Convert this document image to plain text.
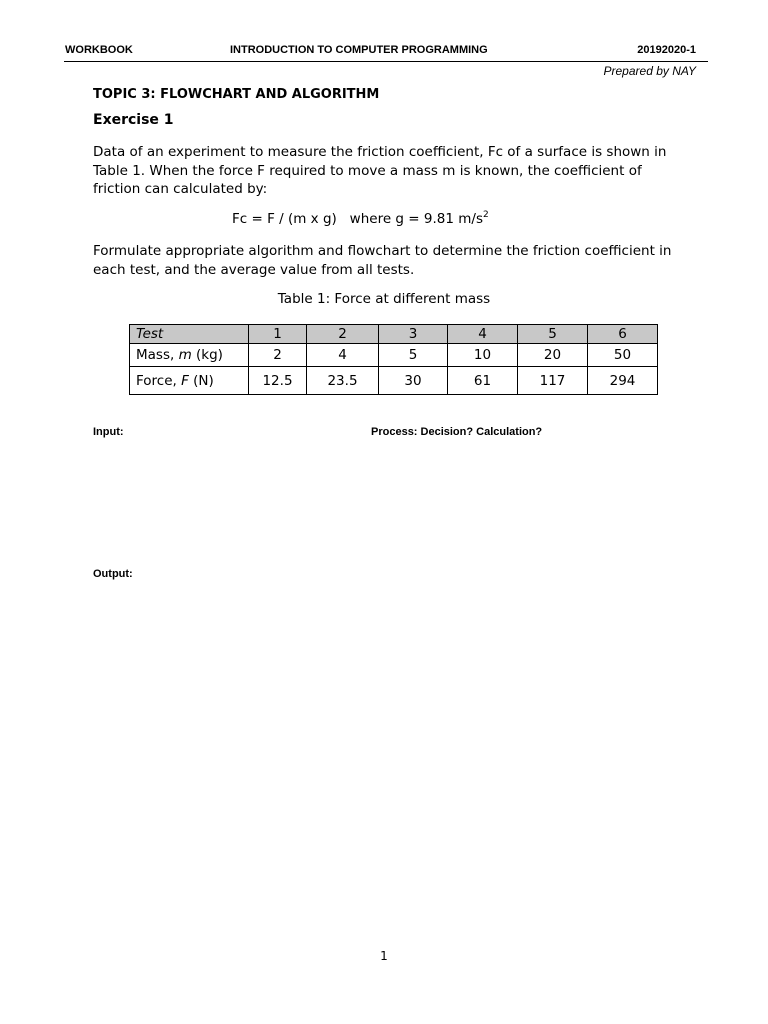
WORKBOOK	INTRODUCTION TO COMPUTER PROGRAMMING	20192020-1
Prepared by NAY
TOPIC 3: FLOWCHART AND ALGORITHM
Exercise 1
Data of an experiment to measure the friction coefficient, Fc of a surface is shown in Table 1. When the force F required to move a mass m is known, the coefficient of friction can calculated by:
Fc = F / (m x g)   where g = 9.81 $m/s^2$
Formulate appropriate algorithm and flowchart to determine the friction coefficient in each test, and the average value from all tests.
Table 1: Force at different mass
Test	1	2	3	4	5	6
Mass, m (kg)	2	4	5	10	20	50
Force, F (N)	12.5	23.5	30	61	117	294
Input:	Process: Decision? Calculation?
Output:
1
